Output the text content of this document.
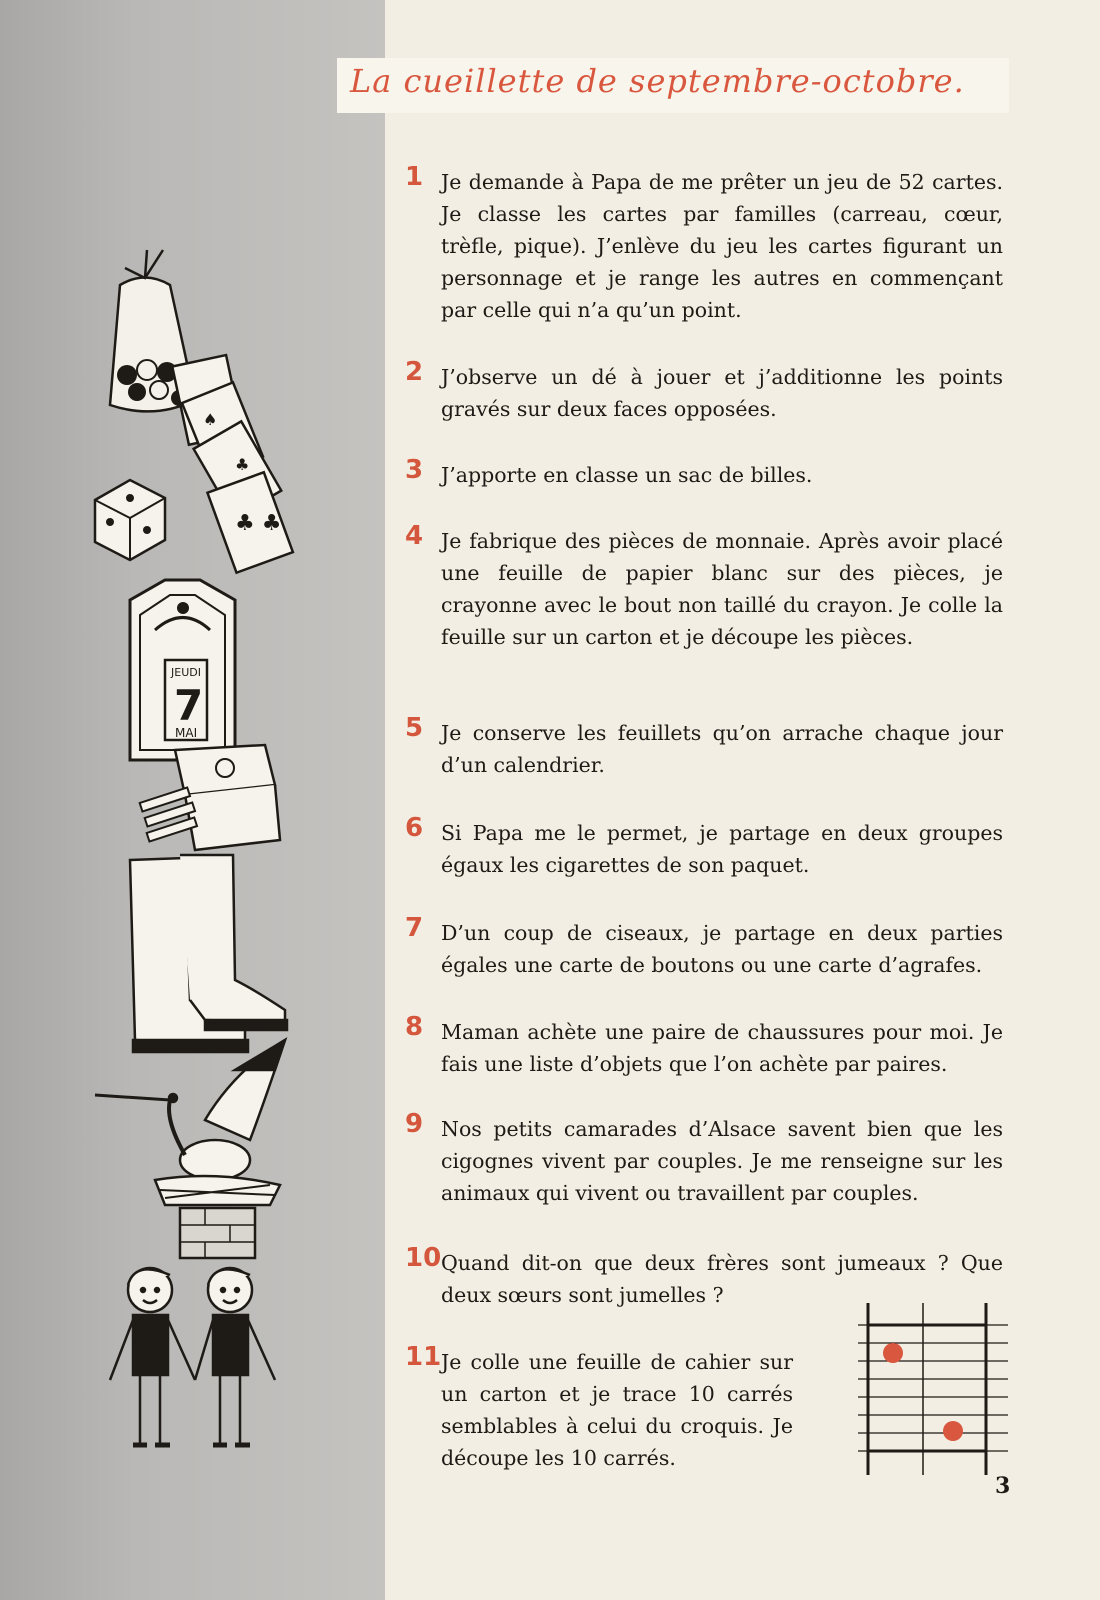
La cueillette de septembre-octobre.
1 Je demande à Papa de me prêter un jeu de 52 cartes. Je classe les cartes par familles (carreau, cœur, trèfle, pique). J’enlève du jeu les cartes figurant un personnage et je range les autres en commençant par celle qui n’a qu’un point.
2 J’observe un dé à jouer et j’additionne les points gravés sur deux faces opposées.
3 J’apporte en classe un sac de billes.
4 Je fabrique des pièces de monnaie. Après avoir placé une feuille de papier blanc sur des pièces, je crayonne avec le bout non taillé du crayon. Je colle la feuille sur un carton et je découpe les pièces.
5 Je conserve les feuillets qu’on arrache chaque jour d’un calendrier.
6 Si Papa me le permet, je partage en deux groupes égaux les cigarettes de son paquet.
7 D’un coup de ciseaux, je partage en deux parties égales une carte de boutons ou une carte d’agrafes.
8 Maman achète une paire de chaussures pour moi. Je fais une liste d’objets que l’on achète par paires.
9 Nos petits camarades d’Alsace savent bien que les cigognes vivent par couples. Je me renseigne sur les animaux qui vivent ou travaillent par couples.
10 Quand dit-on que deux frères sont jumeaux ? Que deux sœurs sont jumelles ?
11 Je colle une feuille de cahier sur un carton et je trace 10 carrés semblables à celui du croquis. Je découpe les 10 carrés.
♣ ♣
♠
♣
JEUDI
7
MAI
3
